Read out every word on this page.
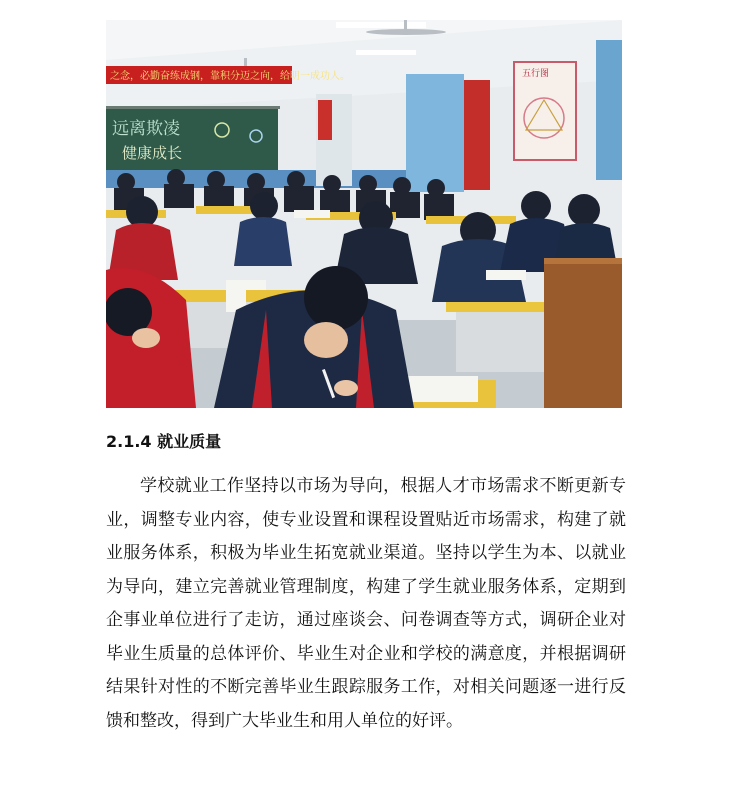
之念，必勤奋练成钢，靠积分迈之向，给明一成功人。
远离欺凌
健康成长
五行图
2.1.4 就业质量
学校就业工作坚持以市场为导向，根据人才市场需求不断更新专
业，调整专业内容，使专业设置和课程设置贴近市场需求，构建了就
业服务体系，积极为毕业生拓宽就业渠道。坚持以学生为本、以就业
为导向，建立完善就业管理制度，构建了学生就业服务体系，定期到
企事业单位进行了走访，通过座谈会、问卷调查等方式，调研企业对
毕业生质量的总体评价、毕业生对企业和学校的满意度，并根据调研
结果针对性的不断完善毕业生跟踪服务工作，对相关问题逐一进行反
馈和整改，得到广大毕业生和用人单位的好评。
